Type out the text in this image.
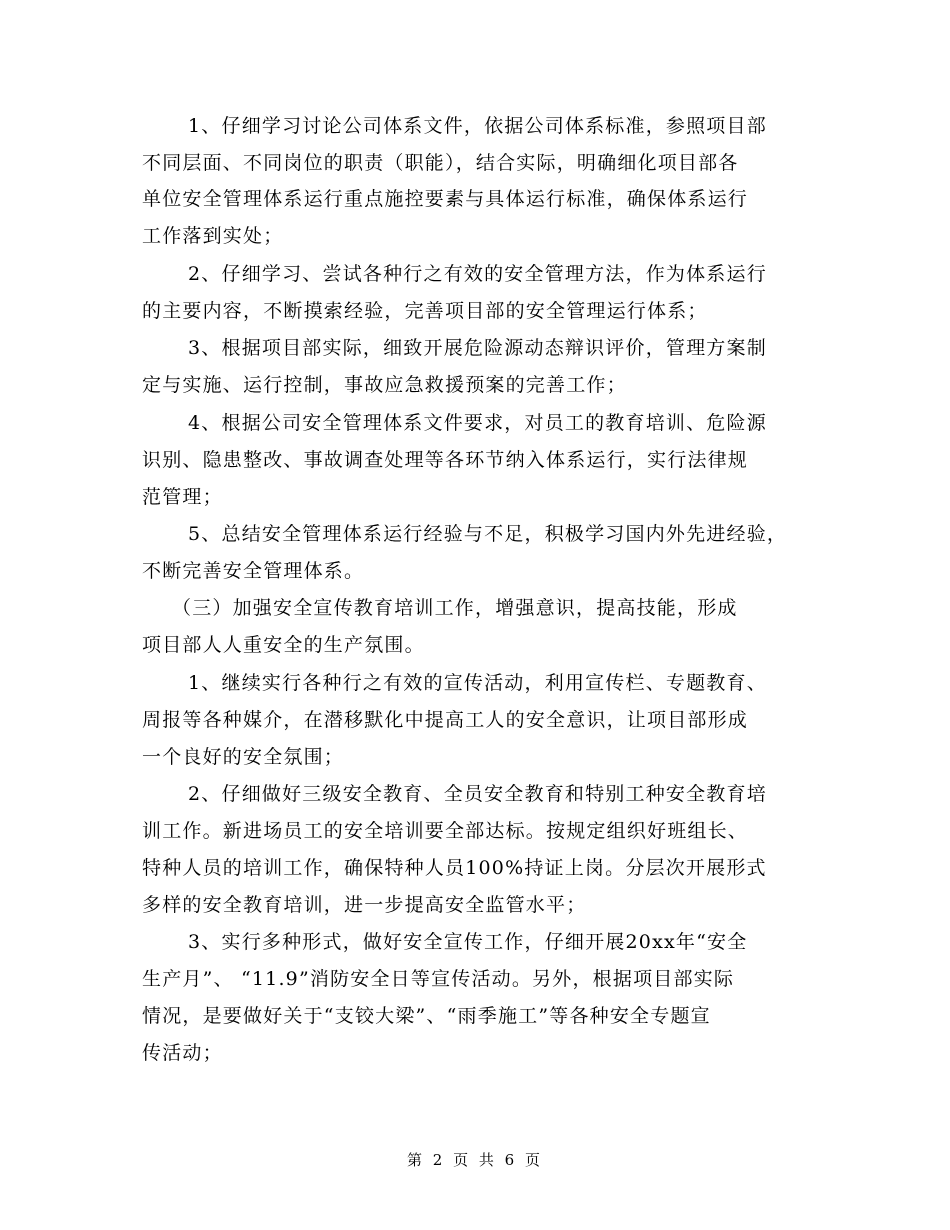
1、仔细学习讨论公司体系文件，依据公司体系标准，参照项目部
不同层面、不同岗位的职责（职能），结合实际，明确细化项目部各
单位安全管理体系运行重点施控要素与具体运行标准，确保体系运行
工作落到实处；
2、仔细学习、尝试各种行之有效的安全管理方法，作为体系运行
的主要内容，不断摸索经验，完善项目部的安全管理运行体系；
3、根据项目部实际，细致开展危险源动态辩识评价，管理方案制
定与实施、运行控制，事故应急救援预案的完善工作；
4、根据公司安全管理体系文件要求，对员工的教育培训、危险源
识别、隐患整改、事故调查处理等各环节纳入体系运行，实行法律规
范管理；
5、总结安全管理体系运行经验与不足，积极学习国内外先进经验，
不断完善安全管理体系。
（三）加强安全宣传教育培训工作，增强意识，提高技能，形成
项目部人人重安全的生产氛围。
1、继续实行各种行之有效的宣传活动，利用宣传栏、专题教育、
周报等各种媒介，在潜移默化中提高工人的安全意识，让项目部形成
一个良好的安全氛围；
2、仔细做好三级安全教育、全员安全教育和特别工种安全教育培
训工作。新进场员工的安全培训要全部达标。按规定组织好班组长、
特种人员的培训工作，确保特种人员100%持证上岗。分层次开展形式
多样的安全教育培训，进一步提高安全监管水平；
3、实行多种形式，做好安全宣传工作，仔细开展20xx年“安全
生产月”、 “11.9”消防安全日等宣传活动。另外，根据项目部实际
情况，是要做好关于“支铰大梁”、“雨季施工”等各种安全专题宣
传活动；
第 2 页 共 6 页
